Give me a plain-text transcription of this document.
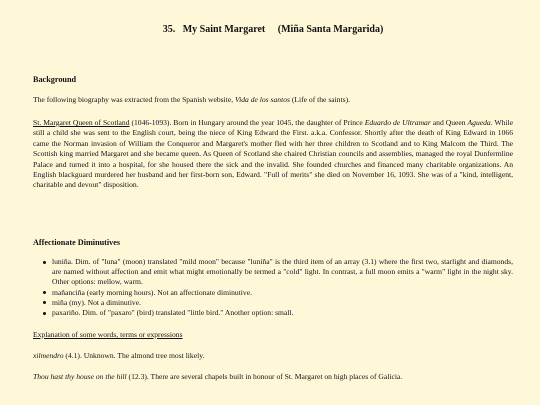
35.   My Saint Margaret     (Miña Santa Margarida)
Background
The following biography was extracted from the Spanish website, Vida de los santos (Life of the saints).
St. Margaret Queen of Scotland (1046-1093). Born in Hungary around the year 1045, the daughter of Prince Eduardo de Ultramar and Queen Agueda. While still a child she was sent to the English court, being the niece of King Edward the First. a.k.a. Confessor. Shortly after the death of King Edward in 1066 came the Norman invasion of William the Conqueror and Margaret's mother fled with her three children to Scotland and to King Malcom the Third. The Scottish king married Margaret and she became queen. As Queen of Scotland she chaired Christian councils and assemblies, managed the royal Dunfermline Palace and turned it into a hospital, for she housed there the sick and the invalid. She founded churches and financed many charitable organizations. An English blackguard murdered her husband and her first-born son, Edward. "Full of merits" she died on November 16, 1093. She was of a "kind, intelligent, charitable and devout" disposition.
Affectionate Diminutives
luniña. Dim. of "luna" (moon) translated "mild moon" because "luniña" is the third item of an array (3.1) where the first two, starlight and diamonds, are named without affection and emit what might emotionally be termed a "cold" light. In contrast, a full moon emits a "warm" light in the night sky. Other options: mellow, warm.
mañanciña (early morning hours). Not an affectionate diminutive.
miña (my). Not a diminutive.
paxariño. Dim. of "paxaro" (bird) translated "little bird." Another option: small.
Explanation of some words, terms or expressions
xilmendro (4.1). Unknown. The almond tree most likely.
Thou hast thy house on the hill (12.3). There are several chapels built in honour of St. Margaret on high places of Galicia.
